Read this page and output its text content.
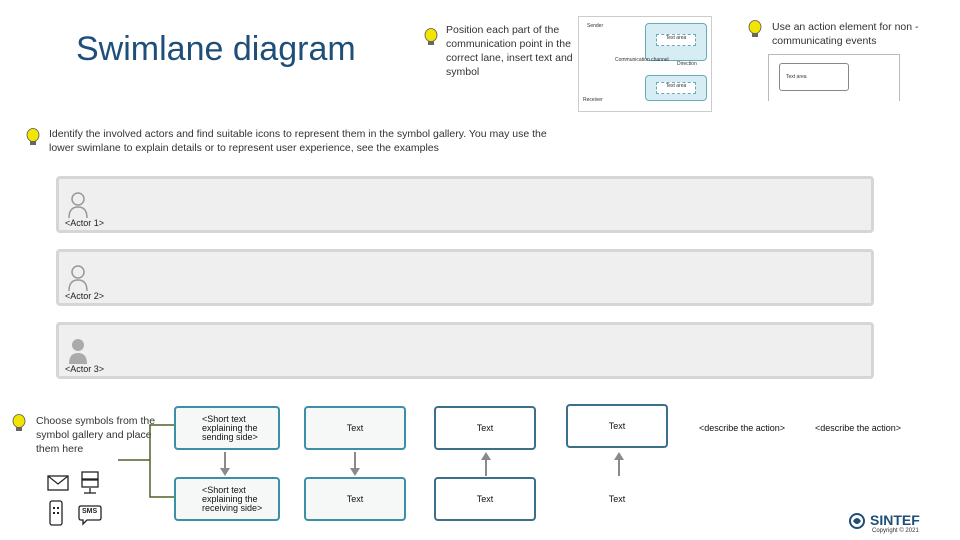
Swimlane diagram	Position each part of the communication point in the correct lane, insert text and symbol
Sender
Text area
Communication channel
Direction
Text area
Receiver
Use an action element for non -communicating events
Text area
Identify the involved actors and find suitable icons to represent them in the symbol gallery. You may use the lower swimlane to explain details or to represent user experience, see the examples
<Actor 1>
<Actor 2>
<Actor 3>
Choose symbols from the symbol gallery and place them here
<Short text explaining the sending side>
Text	Text	Text	<describe the action>	<describe the action>
<Short text explaining the receiving side>
Text	Text	Text
SMS
SINTEF
Copyright © 2021
